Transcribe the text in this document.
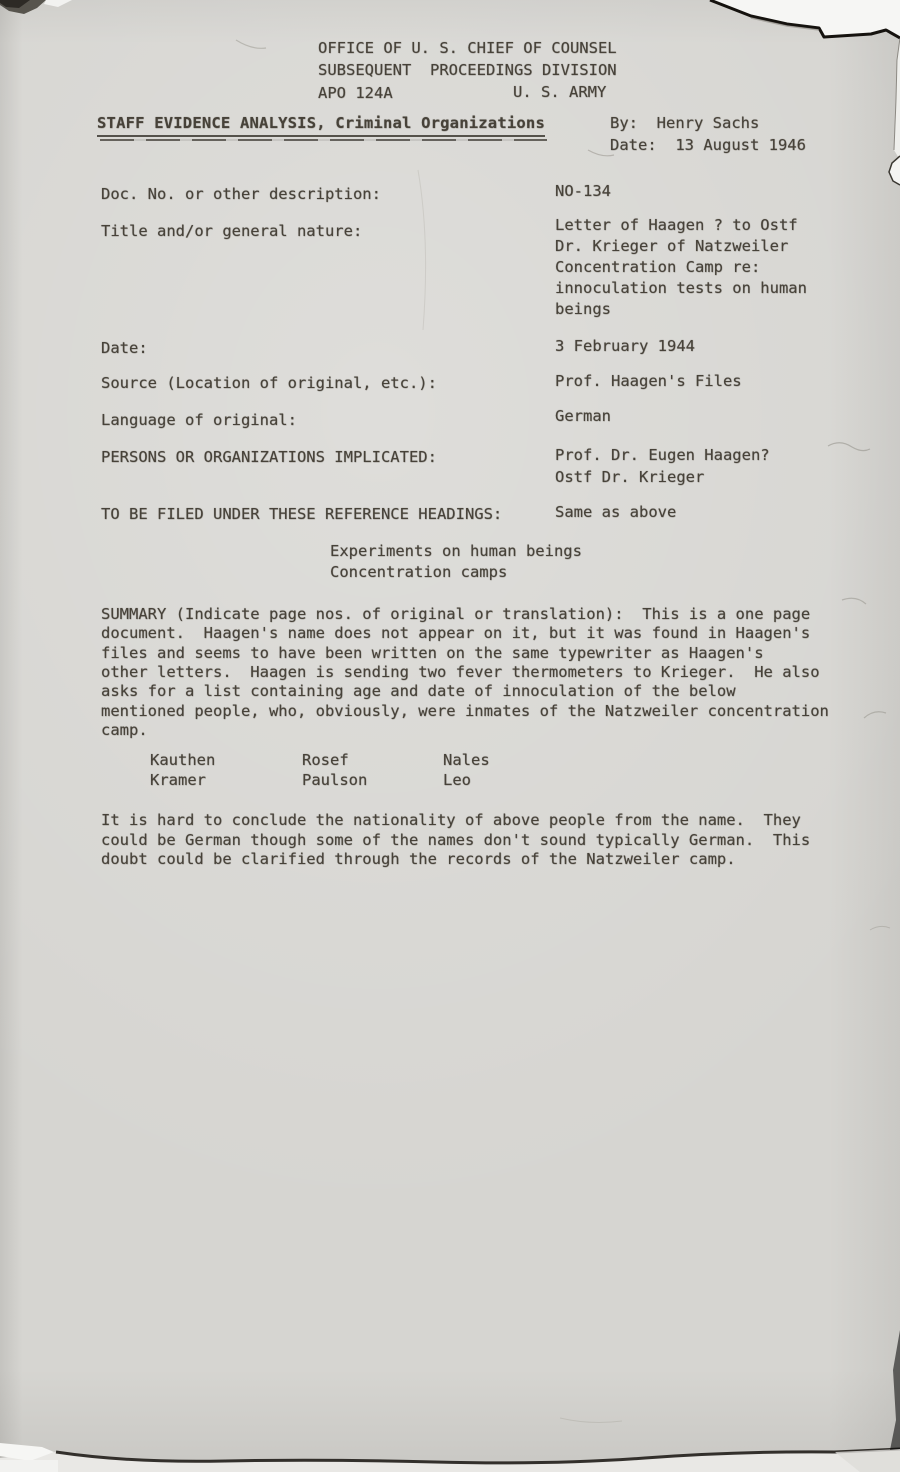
OFFICE OF U. S. CHIEF OF COUNSEL
SUBSEQUENT  PROCEEDINGS DIVISION
APO 124A	U. S. ARMY
STAFF EVIDENCE ANALYSIS, Criminal Organizations	By:  Henry Sachs
Date:  13 August 1946
Doc. No. or other description:	NO-134
Title and/or general nature:	Letter of Haagen ? to Ostf
Dr. Krieger of Natzweiler
Concentration Camp re:
innoculation tests on human
beings
Date:	3 February 1944
Source (Location of original, etc.):	Prof. Haagen's Files
Language of original:	German
PERSONS OR ORGANIZATIONS IMPLICATED:	Prof. Dr. Eugen Haagen?
Ostf Dr. Krieger
TO BE FILED UNDER THESE REFERENCE HEADINGS:	Same as above
Experiments on human beings
Concentration camps
SUMMARY (Indicate page nos. of original or translation):  This is a one page
document.  Haagen's name does not appear on it, but it was found in Haagen's
files and seems to have been written on the same typewriter as Haagen's
other letters.  Haagen is sending two fever thermometers to Krieger.  He also
asks for a list containing age and date of innoculation of the below
mentioned people, who, obviously, were inmates of the Natzweiler concentration
camp.
Kauthen	Rosef	Nales
Kramer	Paulson	Leo
It is hard to conclude the nationality of above people from the name.  They
could be German though some of the names don't sound typically German.  This
doubt could be clarified through the records of the Natzweiler camp.
